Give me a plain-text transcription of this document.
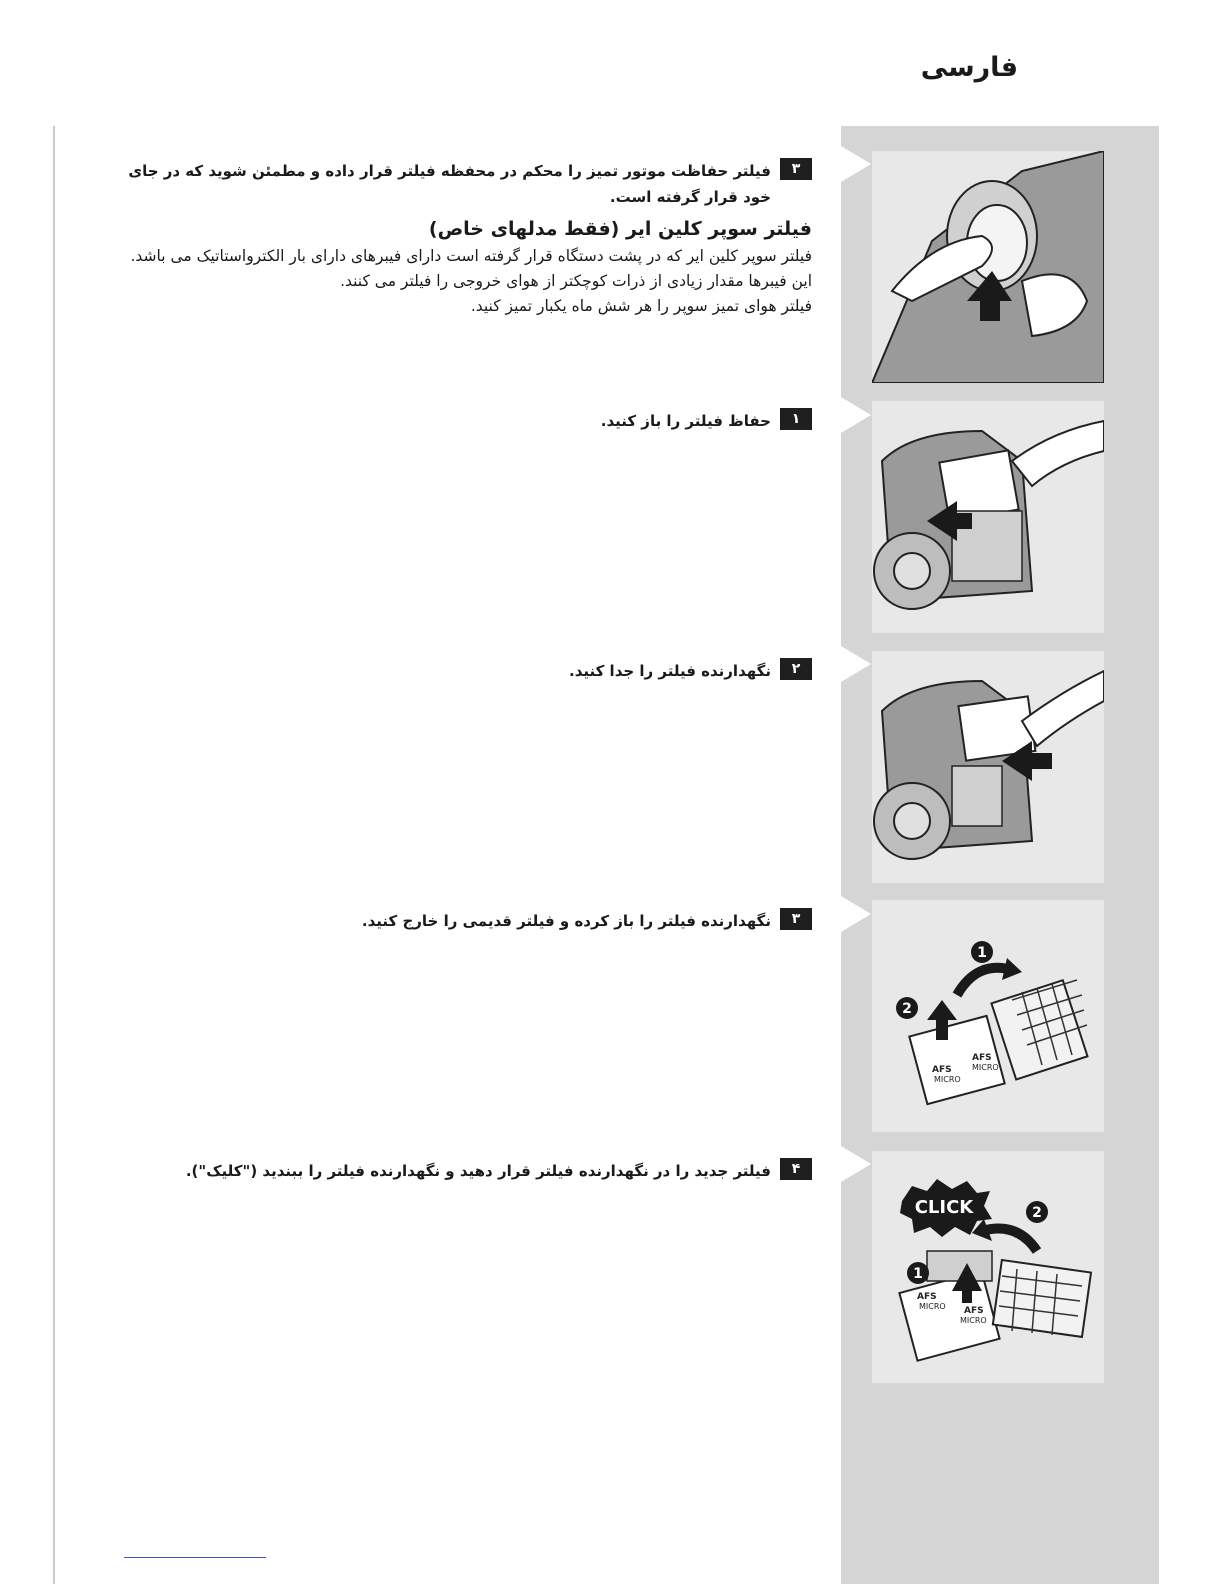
فارسی
1
2
AFS
MICRO
AFS
MICRO
CLICK	2
1
AFS
MICRO AFS
MICRO
۳
فیلتر حفاظت موتور تمیز را محکم در محفظه فیلتر قرار داده و مطمئن شوید که در جای خود قرار گرفته است.
فیلتر سوپر کلین ایر (فقط مدلهای خاص)
فیلتر سوپر کلین ایر که در پشت دستگاه قرار گرفته است دارای فیبرهای دارای بار الکترواستاتیک می باشد. این فیبرها مقدار زیادی از ذرات کوچکتر از هوای خروجی را فیلتر می کنند.
فیلتر هوای تمیز سوپر را هر شش ماه یکبار تمیز کنید.
۱
حفاظ فیلتر را باز کنید.
۲
نگهدارنده فیلتر را جدا کنید.
۳
نگهدارنده فیلتر را باز کرده و فیلتر قدیمی را خارج کنید.
۴
فیلتر جدید را در نگهدارنده فیلتر قرار دهید و نگهدارنده فیلتر را ببندید ("کلیک").
